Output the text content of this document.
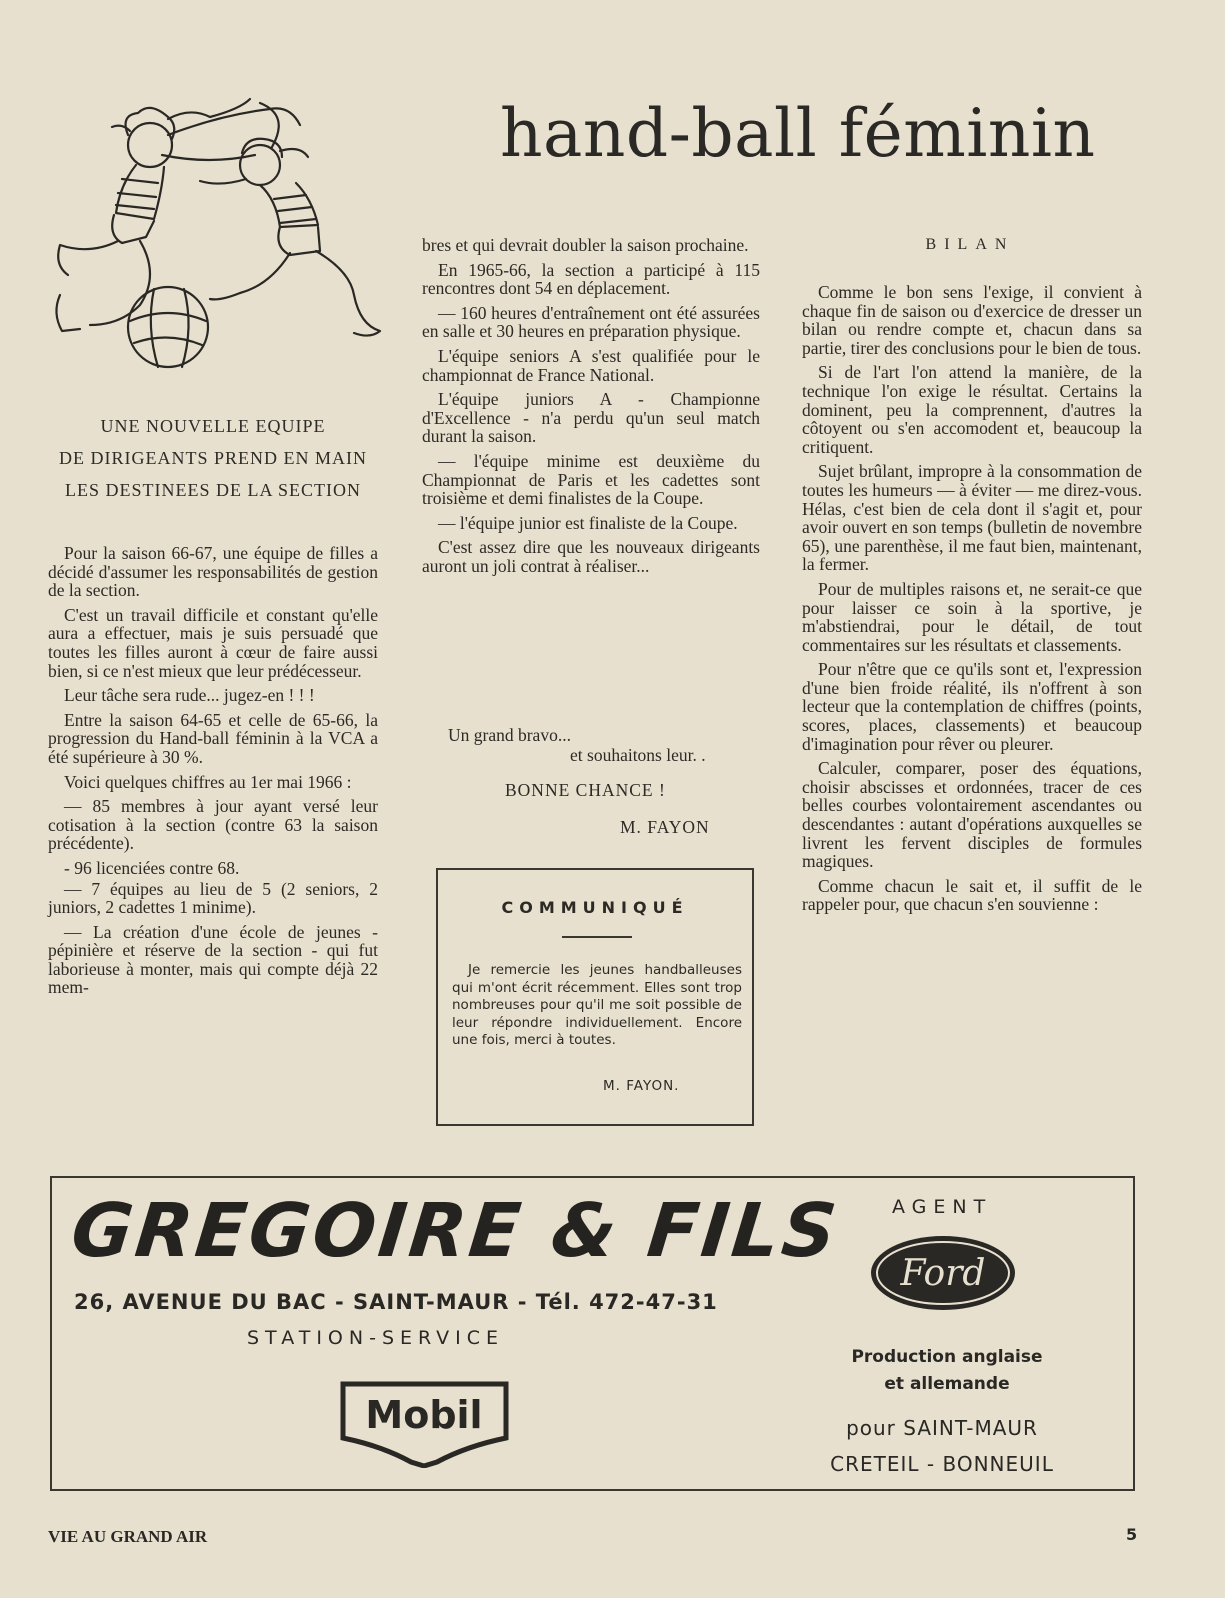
hand-ball féminin
UNE NOUVELLE EQUIPE
DE DIRIGEANTS PREND EN MAIN
LES DESTINEES DE LA SECTION

Pour la saison 66-67, une équipe de filles a décidé d'assumer les responsabilités de gestion de la section.

C'est un travail difficile et constant qu'elle aura a effectuer, mais je suis persuadé que toutes les filles auront à cœur de faire aussi bien, si ce n'est mieux que leur prédécesseur.

Leur tâche sera rude... jugez-en ! ! !

Entre la saison 64-65 et celle de 65-66, la progression du Hand-ball féminin à la VCA a été supérieure à 30 %.

Voici quelques chiffres au 1er mai 1966 :

— 85 membres à jour ayant versé leur cotisation à la section (contre 63 la saison précédente).

- 96 licenciées contre 68.

— 7 équipes au lieu de 5 (2 seniors, 2 juniors, 2 cadettes 1 minime).

— La création d'une école de jeunes - pépinière et réserve de la section - qui fut laborieuse à monter, mais qui compte déjà 22 mem-

bres et qui devrait doubler la saison prochaine.

En 1965-66, la section a participé à 115 rencontres dont 54 en déplacement.

— 160 heures d'entraînement ont été assurées en salle et 30 heures en préparation physique.

L'équipe seniors A s'est qualifiée pour le championnat de France National.

L'équipe juniors A - Championne d'Excellence - n'a perdu qu'un seul match durant la saison.

— l'équipe minime est deuxième du Championnat de Paris et les cadettes sont troisième et demi finalistes de la Coupe.

— l'équipe junior est finaliste de la Coupe.

C'est assez dire que les nouveaux dirigeants auront un joli contrat à réaliser...

Un grand bravo...
et souhaitons leur. .
BONNE CHANCE !
M. FAYON
COMMUNIQUÉ
Je remercie les jeunes handballeuses qui m'ont écrit récemment. Elles sont trop nombreuses pour qu'il me soit possible de leur répondre individuellement. Encore une fois, merci à toutes.
M. FAYON.
BILAN

Comme le bon sens l'exige, il convient à chaque fin de saison ou d'exercice de dresser un bilan ou rendre compte et, chacun dans sa partie, tirer des conclusions pour le bien de tous.

Si de l'art l'on attend la manière, de la technique l'on exige le résultat. Certains la dominent, peu la comprennent, d'autres la côtoyent ou s'en accomodent et, beaucoup la critiquent.

Sujet brûlant, impropre à la consommation de toutes les humeurs — à éviter — me direz-vous. Hélas, c'est bien de cela dont il s'agit et, pour avoir ouvert en son temps (bulletin de novembre 65), une parenthèse, il me faut bien, maintenant, la fermer.

Pour de multiples raisons et, ne serait-ce que pour laisser ce soin à la sportive, je m'abstiendrai, pour le détail, de tout commentaires sur les résultats et classements.

Pour n'être que ce qu'ils sont et, l'expression d'une bien froide réalité, ils n'offrent à son lecteur que la contemplation de chiffres (points, scores, places, classements) et beaucoup d'imagination pour rêver ou pleurer.

Calculer, comparer, poser des équations, choisir abscisses et ordonnées, tracer de ces belles courbes volontairement ascendantes ou descendantes : autant d'opérations auxquelles se livrent les fervent disciples de formules magiques.

Comme chacun le sait et, il suffit de le rappeler pour, que chacun s'en souvienne :

GREGOIRE & FILS
26, AVENUE DU BAC - SAINT-MAUR - Tél. 472-47-31
STATION-SERVICE
Mobil
AGENT
Ford
Production anglaise
et allemande
pour SAINT-MAUR
CRETEIL - BONNEUIL
VIE AU GRAND AIR	5
